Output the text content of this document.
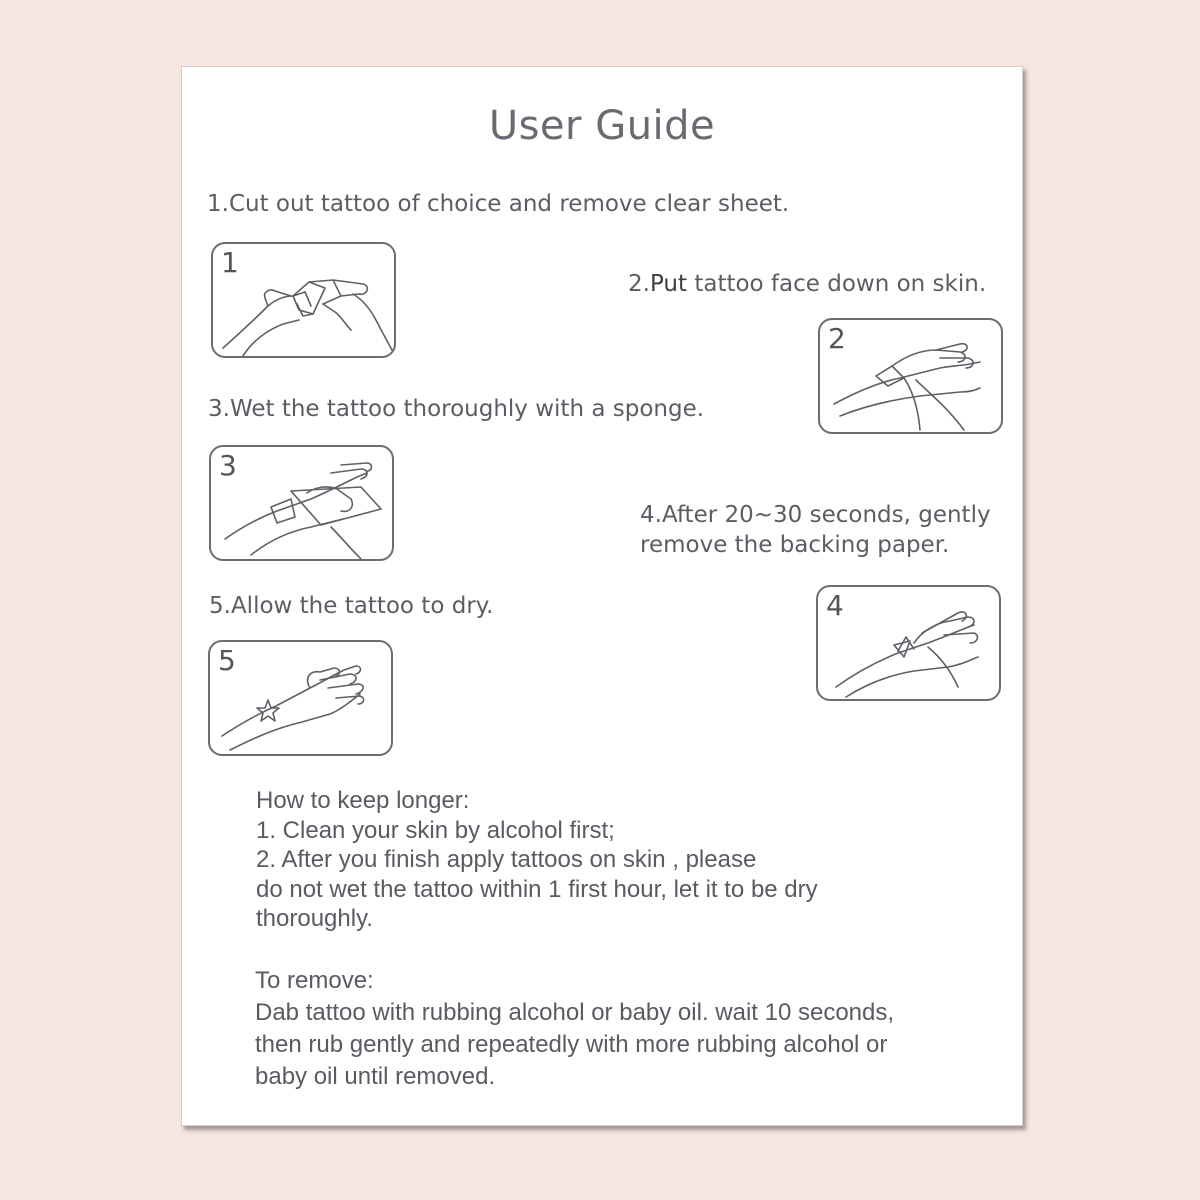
User Guide
1.Cut out tattoo of choice and remove clear sheet.
1
2.Put tattoo face down on skin.
2
3.Wet the tattoo thoroughly with a sponge.
3
4.After 20~30 seconds, gently
remove the backing paper.
4
5.Allow the tattoo to dry.
5
How to keep longer:
1. Clean your skin by alcohol first;
2. After you finish apply tattoos on skin , please
do not wet the tattoo within 1 first hour, let it to be dry
thoroughly.
To remove:
Dab tattoo with rubbing alcohol or baby oil. wait 10 seconds,
then rub gently and repeatedly with more rubbing alcohol or
baby oil until removed.
